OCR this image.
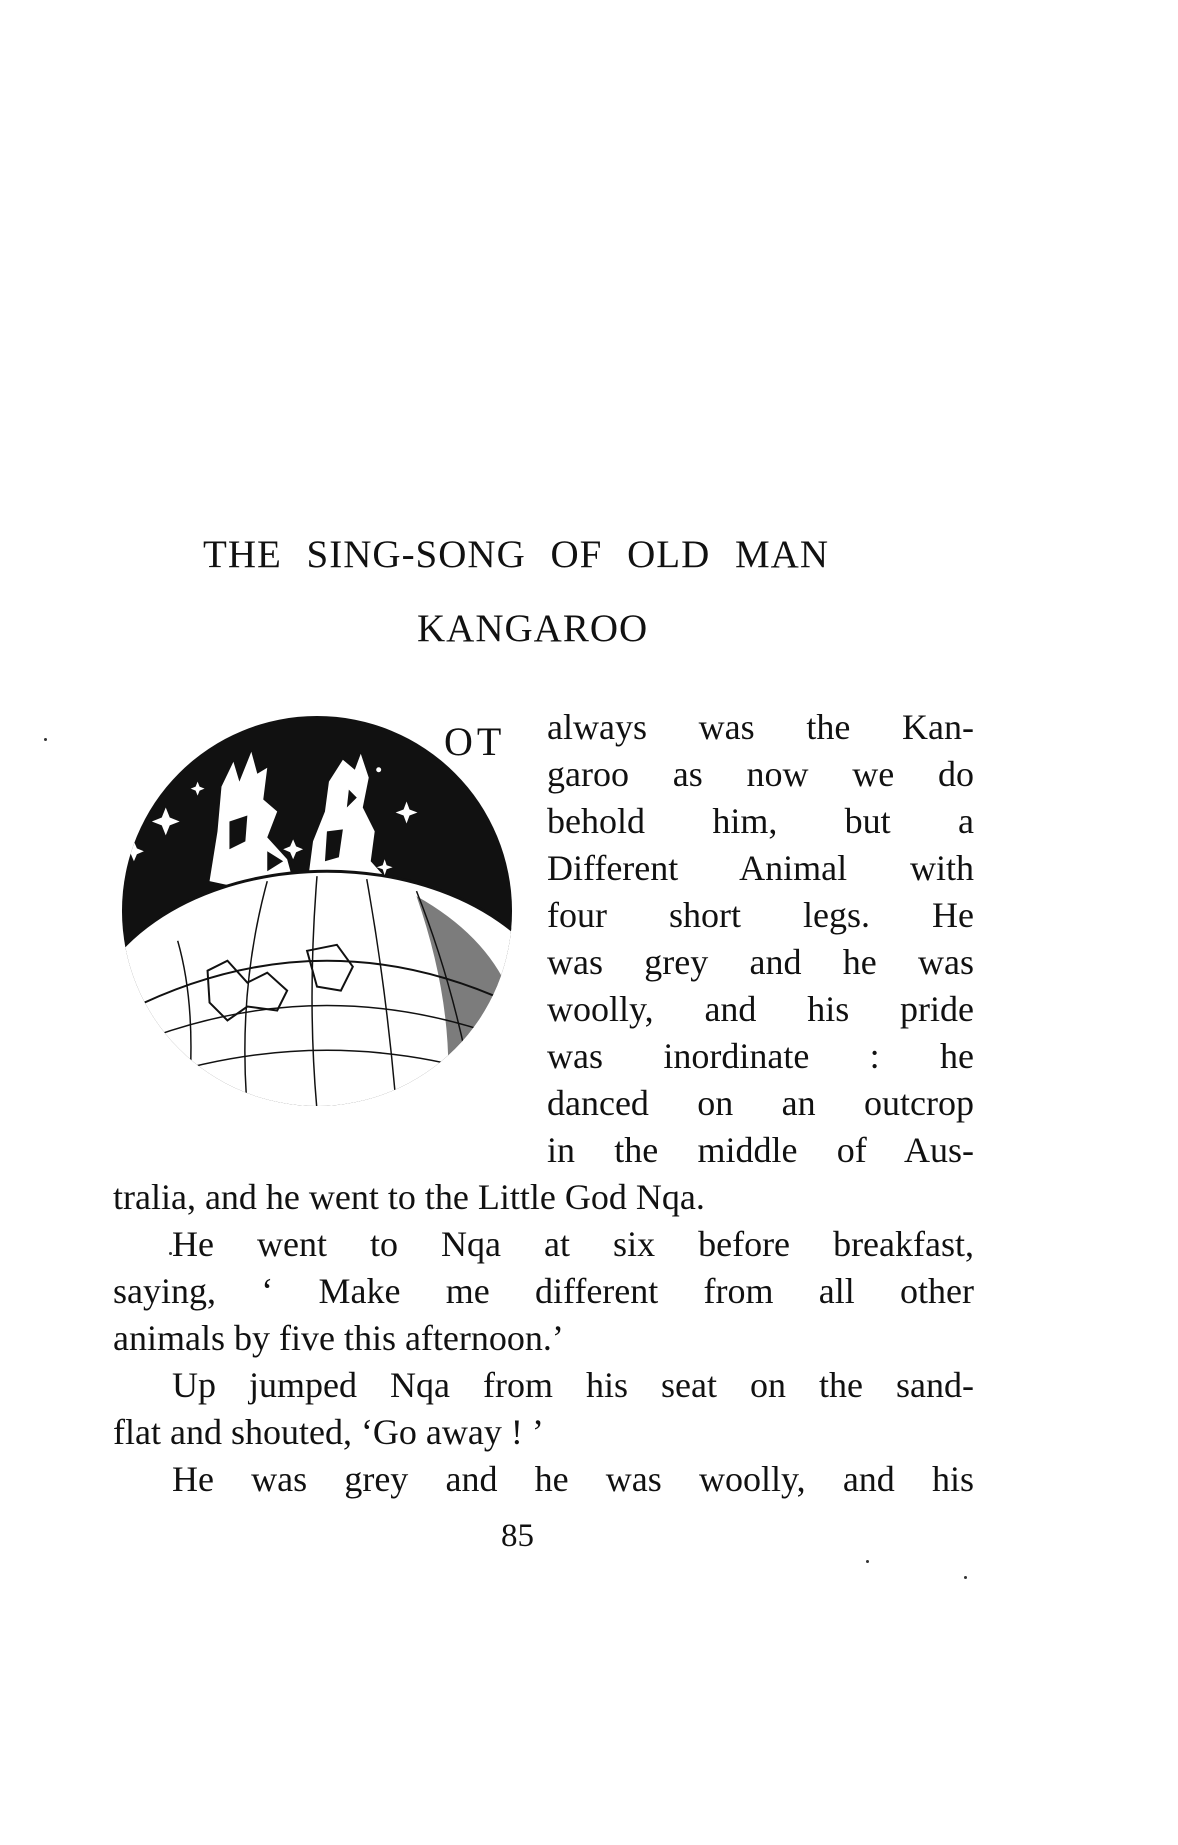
THE SING-SONG OF OLD MAN
KANGAROO
OT always was the Kan-
garoo as now we do
behold him, but a
Different Animal with
four short legs. He
was grey and he was
woolly, and his pride
was inordinate : he
danced on an outcrop
in the middle of Aus-
tralia, and he went to the Little God Nqa.
He went to Nqa at six before breakfast,
saying, ‘ Make me different from all other
animals by five this afternoon.’
Up jumped Nqa from his seat on the sand-
flat and shouted, ‘Go away ! ’
He was grey and he was woolly, and his
85
